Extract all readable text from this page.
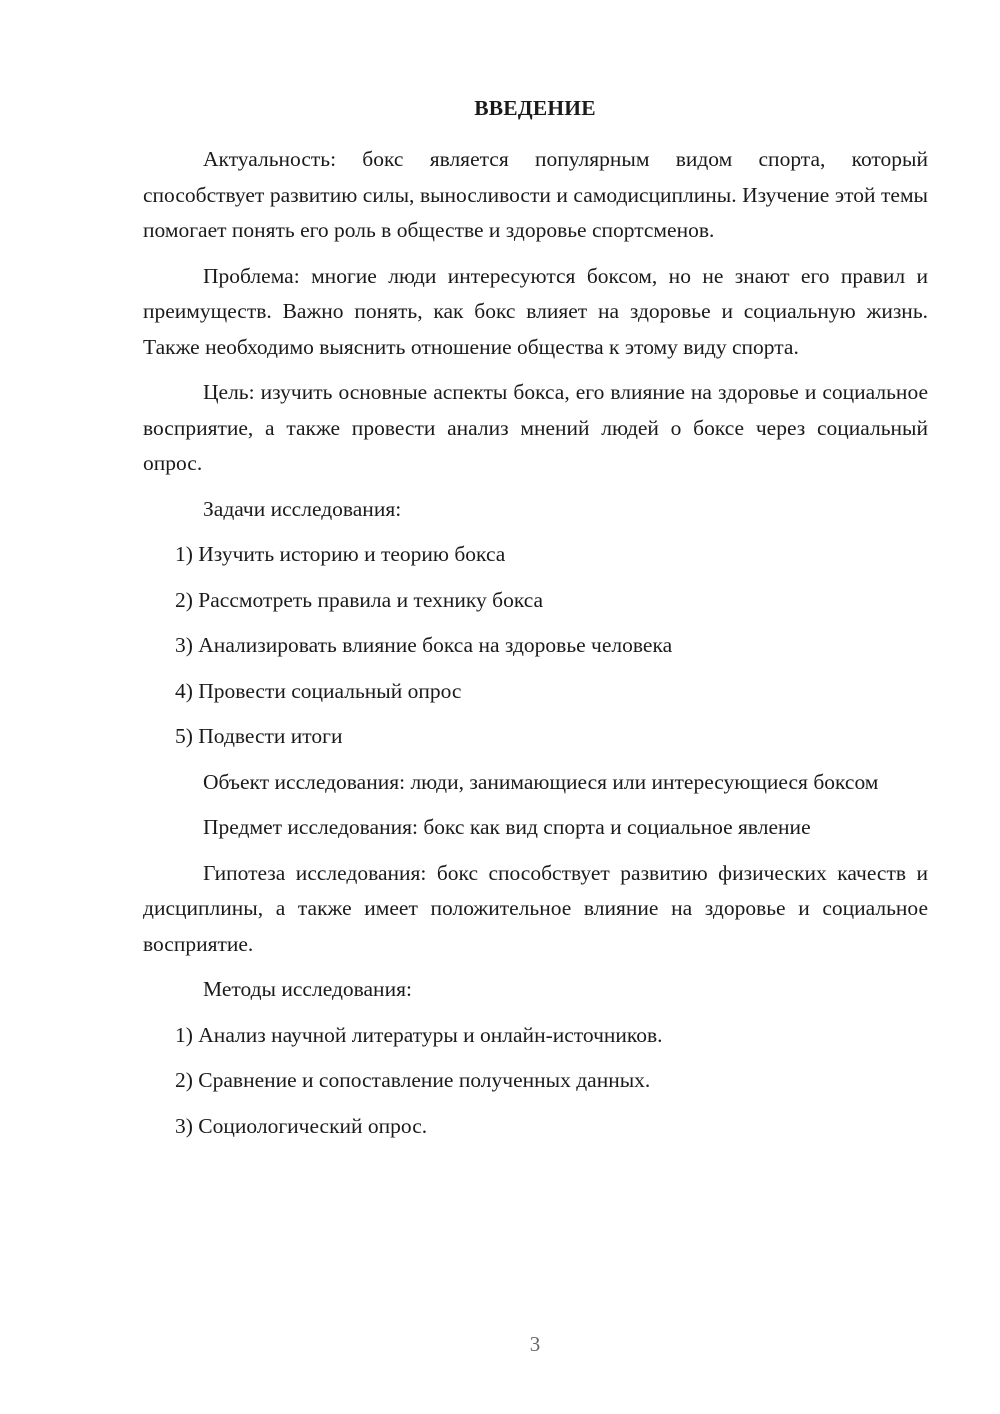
ВВЕДЕНИЕ

Актуальность: бокс является популярным видом спорта, который способствует развитию силы, выносливости и самодисциплины. Изучение этой темы помогает понять его роль в обществе и здоровье спортсменов.

Проблема: многие люди интересуются боксом, но не знают его правил и преимуществ. Важно понять, как бокс влияет на здоровье и социальную жизнь. Также необходимо выяснить отношение общества к этому виду спорта.

Цель: изучить основные аспекты бокса, его влияние на здоровье и социальное восприятие, а также провести анализ мнений людей о боксе через социальный опрос.

Задачи исследования:

1) Изучить историю и теорию бокса

2) Рассмотреть правила и технику бокса

3) Анализировать влияние бокса на здоровье человека

4) Провести социальный опрос

5) Подвести итоги

Объект исследования: люди, занимающиеся или интересующиеся боксом

Предмет исследования: бокс как вид спорта и социальное явление

Гипотеза исследования: бокс способствует развитию физических качеств и дисциплины, а также имеет положительное влияние на здоровье и социальное восприятие.

Методы исследования:

1) Анализ научной литературы и онлайн-источников.

2) Сравнение и сопоставление полученных данных.

3) Социологический опрос.

3
